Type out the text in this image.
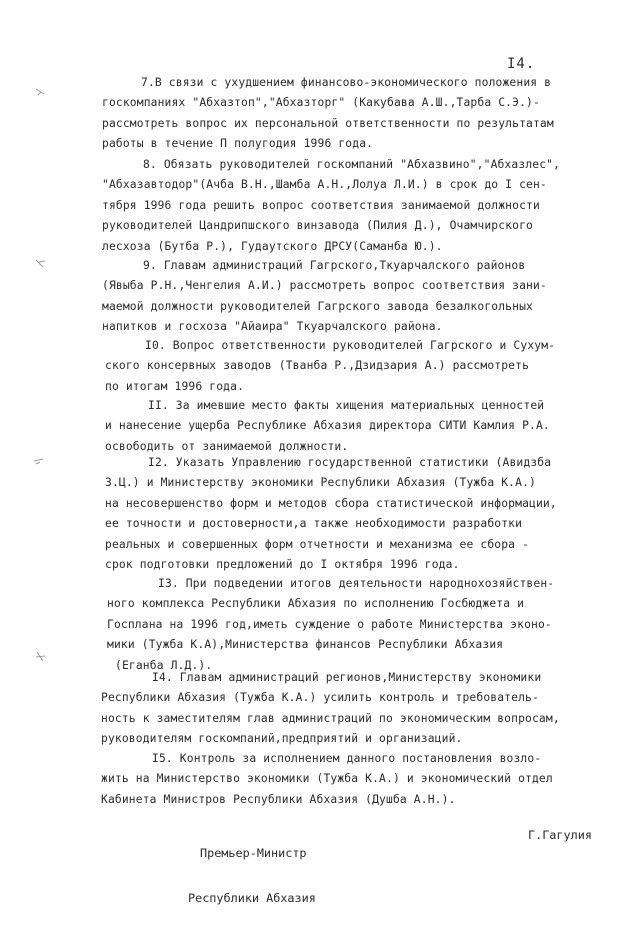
I4.

7.В связи с ухудшением финансово-экономического положения в

госкомпаниях "Абхазтоп","Абхазторг" (Какубава А.Ш.,Тарба С.Э.)-
рассмотреть вопрос их персональной ответственности по результатам
работы в течение П полугодия 1996 года.

8. Обязать руководителей госкомпаний "Абхазвино","Абхазлес",

"Абхазавтодор"(Ачба В.Н.,Шамба А.Н.,Лолуа Л.И.) в срок до I сен-
тября 1996 года решить вопрос соответствия занимаемой должности
руководителей Цандрипшского винзавода (Пилия Д.), Очамчирского
лесхоза (Бутба Р.), Гудаутского ДРСУ(Саманба Ю.).

9. Главам администраций Гагрского,Ткуарчалского районов

(Явыба Р.Н.,Ченгелия А.И.) рассмотреть вопрос соответствия зани-
маемой должности руководителей Гагрского завода безалкогольных
напитков и госхоза "Айаира" Ткуарчалского района.

I0. Вопрос ответственности руководителей Гагрского и Сухум-

ского консервных заводов (Тванба Р.,Дзидзария А.) рассмотреть
по итогам 1996 года.

II. За имевшие место факты хищения материальных ценностей

и нанесение ущерба Республике Абхазия директора СИТИ Камлия Р.А.
освободить от занимаемой должности.

I2. Указать Управлению государственной статистики (Авидзба

З.Ц.) и Министерству экономики Республики Абхазия (Тужба К.А.)
на несовершенство форм и методов сбора статистической информации,
ее точности и достоверности,а также необходимости разработки
реальных и совершенных форм отчетности и механизма ее сбора -
срок подготовки предложений до I октября 1996 года.

I3. При подведении итогов деятельности народнохозяйствен-

ного комплекса Республики Абхазия по исполнению Госбюджета и
Госплана на 1996 год,иметь суждение о работе Министерства эконо-
мики (Тужба К.А),Министерства финансов Республики Абхазия
(Еганба Л.Д.).

I4. Главам администраций регионов,Министерству экономики

Республики Абхазия (Тужба К.А.) усилить контроль и требователь-
ность к заместителям глав администраций по экономическим вопросам,
руководителям госкомпаний,предприятий и организаций.

I5. Контроль за исполнением данного постановления возло-

жить на Министерство экономики (Тужба К.А.) и экономический отдел
Кабинета Министров Республики Абхазия (Душба А.Н.).

Премьер-Министр

Республики Абхазия

Г.Гагулия
